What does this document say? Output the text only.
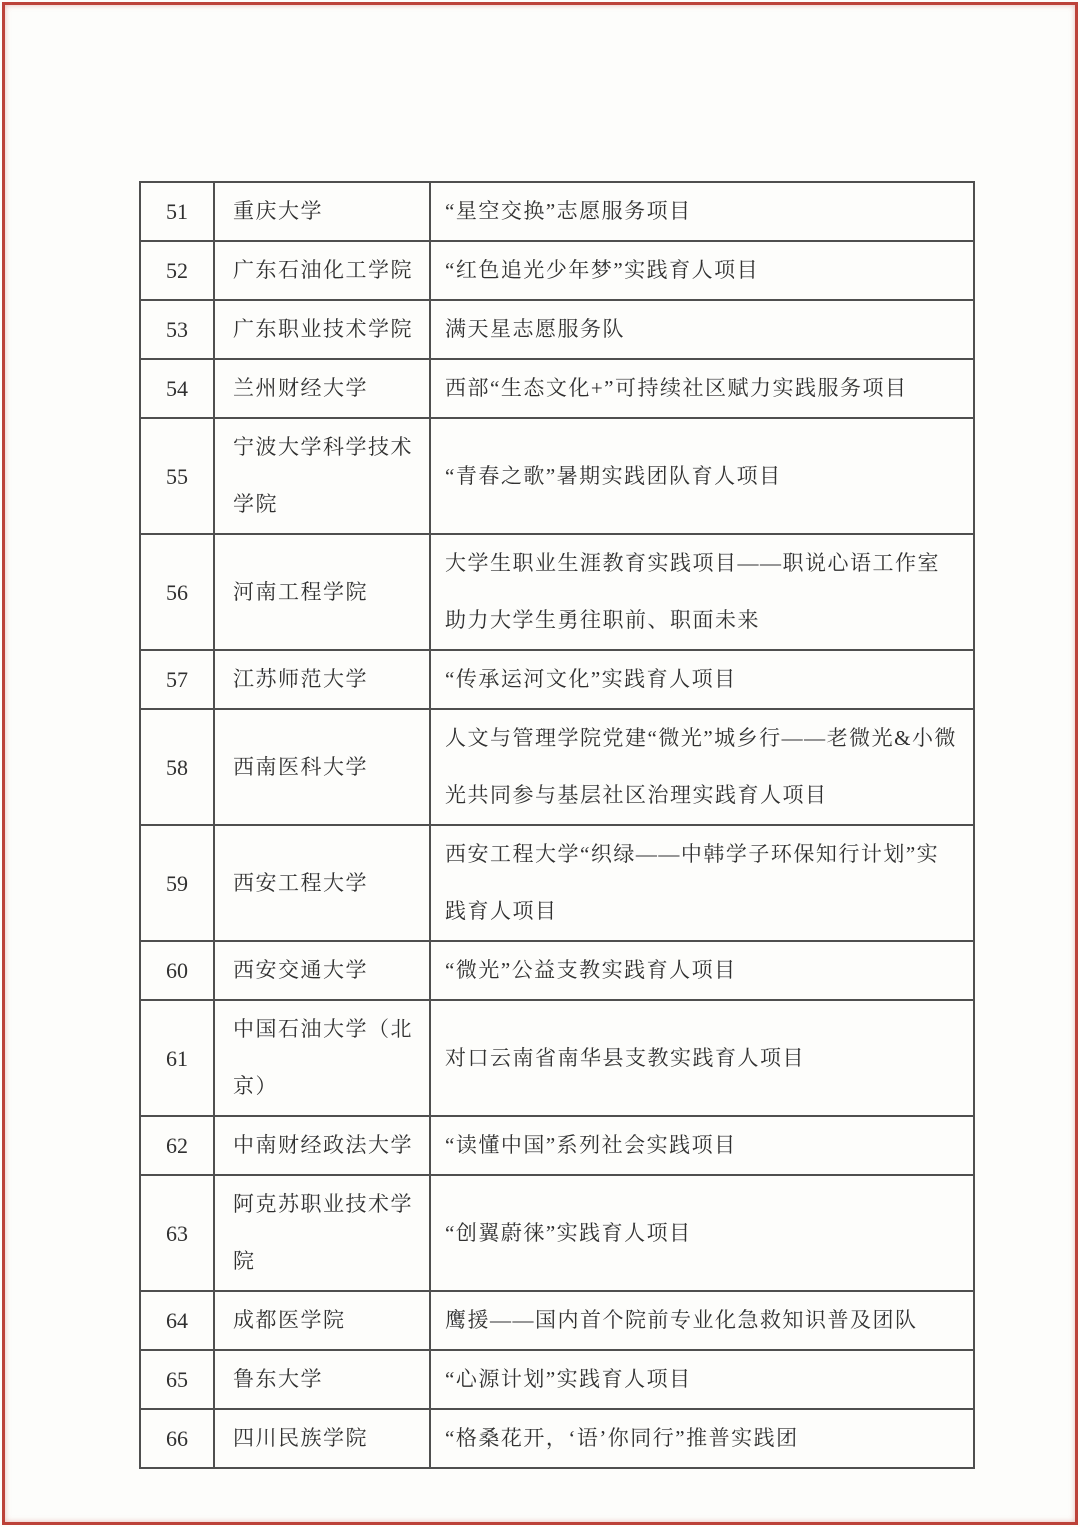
51	重庆大学	“星空交换”志愿服务项目
52	广东石油化工学院	“红色追光少年梦”实践育人项目
53	广东职业技术学院	满天星志愿服务队
54	兰州财经大学	西部“生态文化+”可持续社区赋力实践服务项目
55	宁波大学科学技术学院	“青春之歌”暑期实践团队育人项目
56	河南工程学院	大学生职业生涯教育实践项目——职说心语工作室助力大学生勇往职前、职面未来
57	江苏师范大学	“传承运河文化”实践育人项目
58	西南医科大学	人文与管理学院党建“微光”城乡行——老微光&小微光共同参与基层社区治理实践育人项目
59	西安工程大学	西安工程大学“织绿——中韩学子环保知行计划”实践育人项目
60	西安交通大学	“微光”公益支教实践育人项目
61	中国石油大学（北京）	对口云南省南华县支教实践育人项目
62	中南财经政法大学	“读懂中国”系列社会实践项目
63	阿克苏职业技术学院	“创翼蔚徕”实践育人项目
64	成都医学院	鹰援——国内首个院前专业化急救知识普及团队
65	鲁东大学	“心源计划”实践育人项目
66	四川民族学院	“格桑花开，‘语’你同行”推普实践团
